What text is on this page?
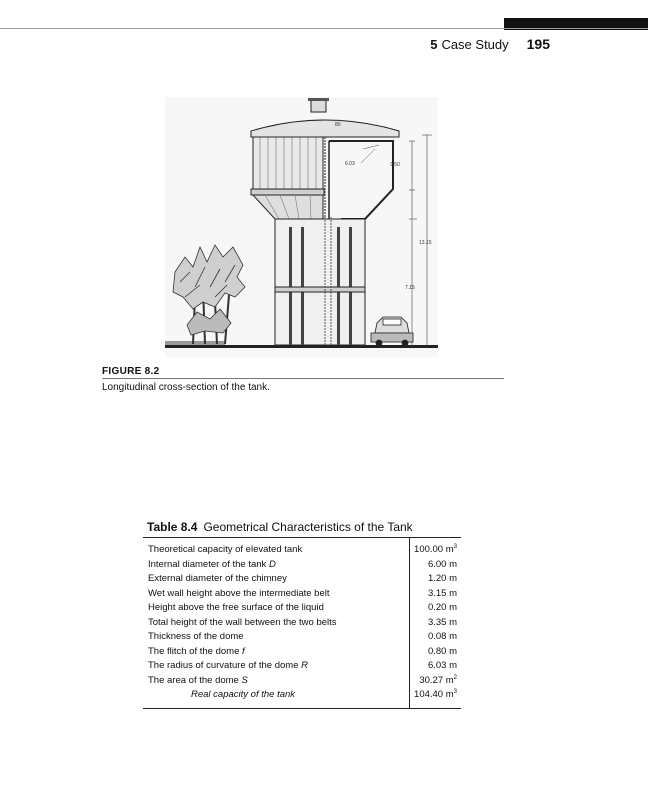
5 Case Study 195
6.03	3.50
80
13.15
7.15
FIGURE 8.2
Longitudinal cross-section of the tank.
Table 8.4 Geometrical Characteristics of the Tank
Theoretical capacity of elevated tank	100.00 $m^3$
Internal diameter of the tank D	6.00 m
External diameter of the chimney	1.20 m
Wet wall height above the intermediate belt	3.15 m
Height above the free surface of the liquid	0.20 m
Total height of the wall between the two belts	3.35 m
Thickness of the dome	0.08 m
The flitch of the dome f	0.80 m
The radius of curvature of the dome R	6.03 m
The area of the dome S	30.27 $m^2$
Real capacity of the tank	104.40 $m^3$
